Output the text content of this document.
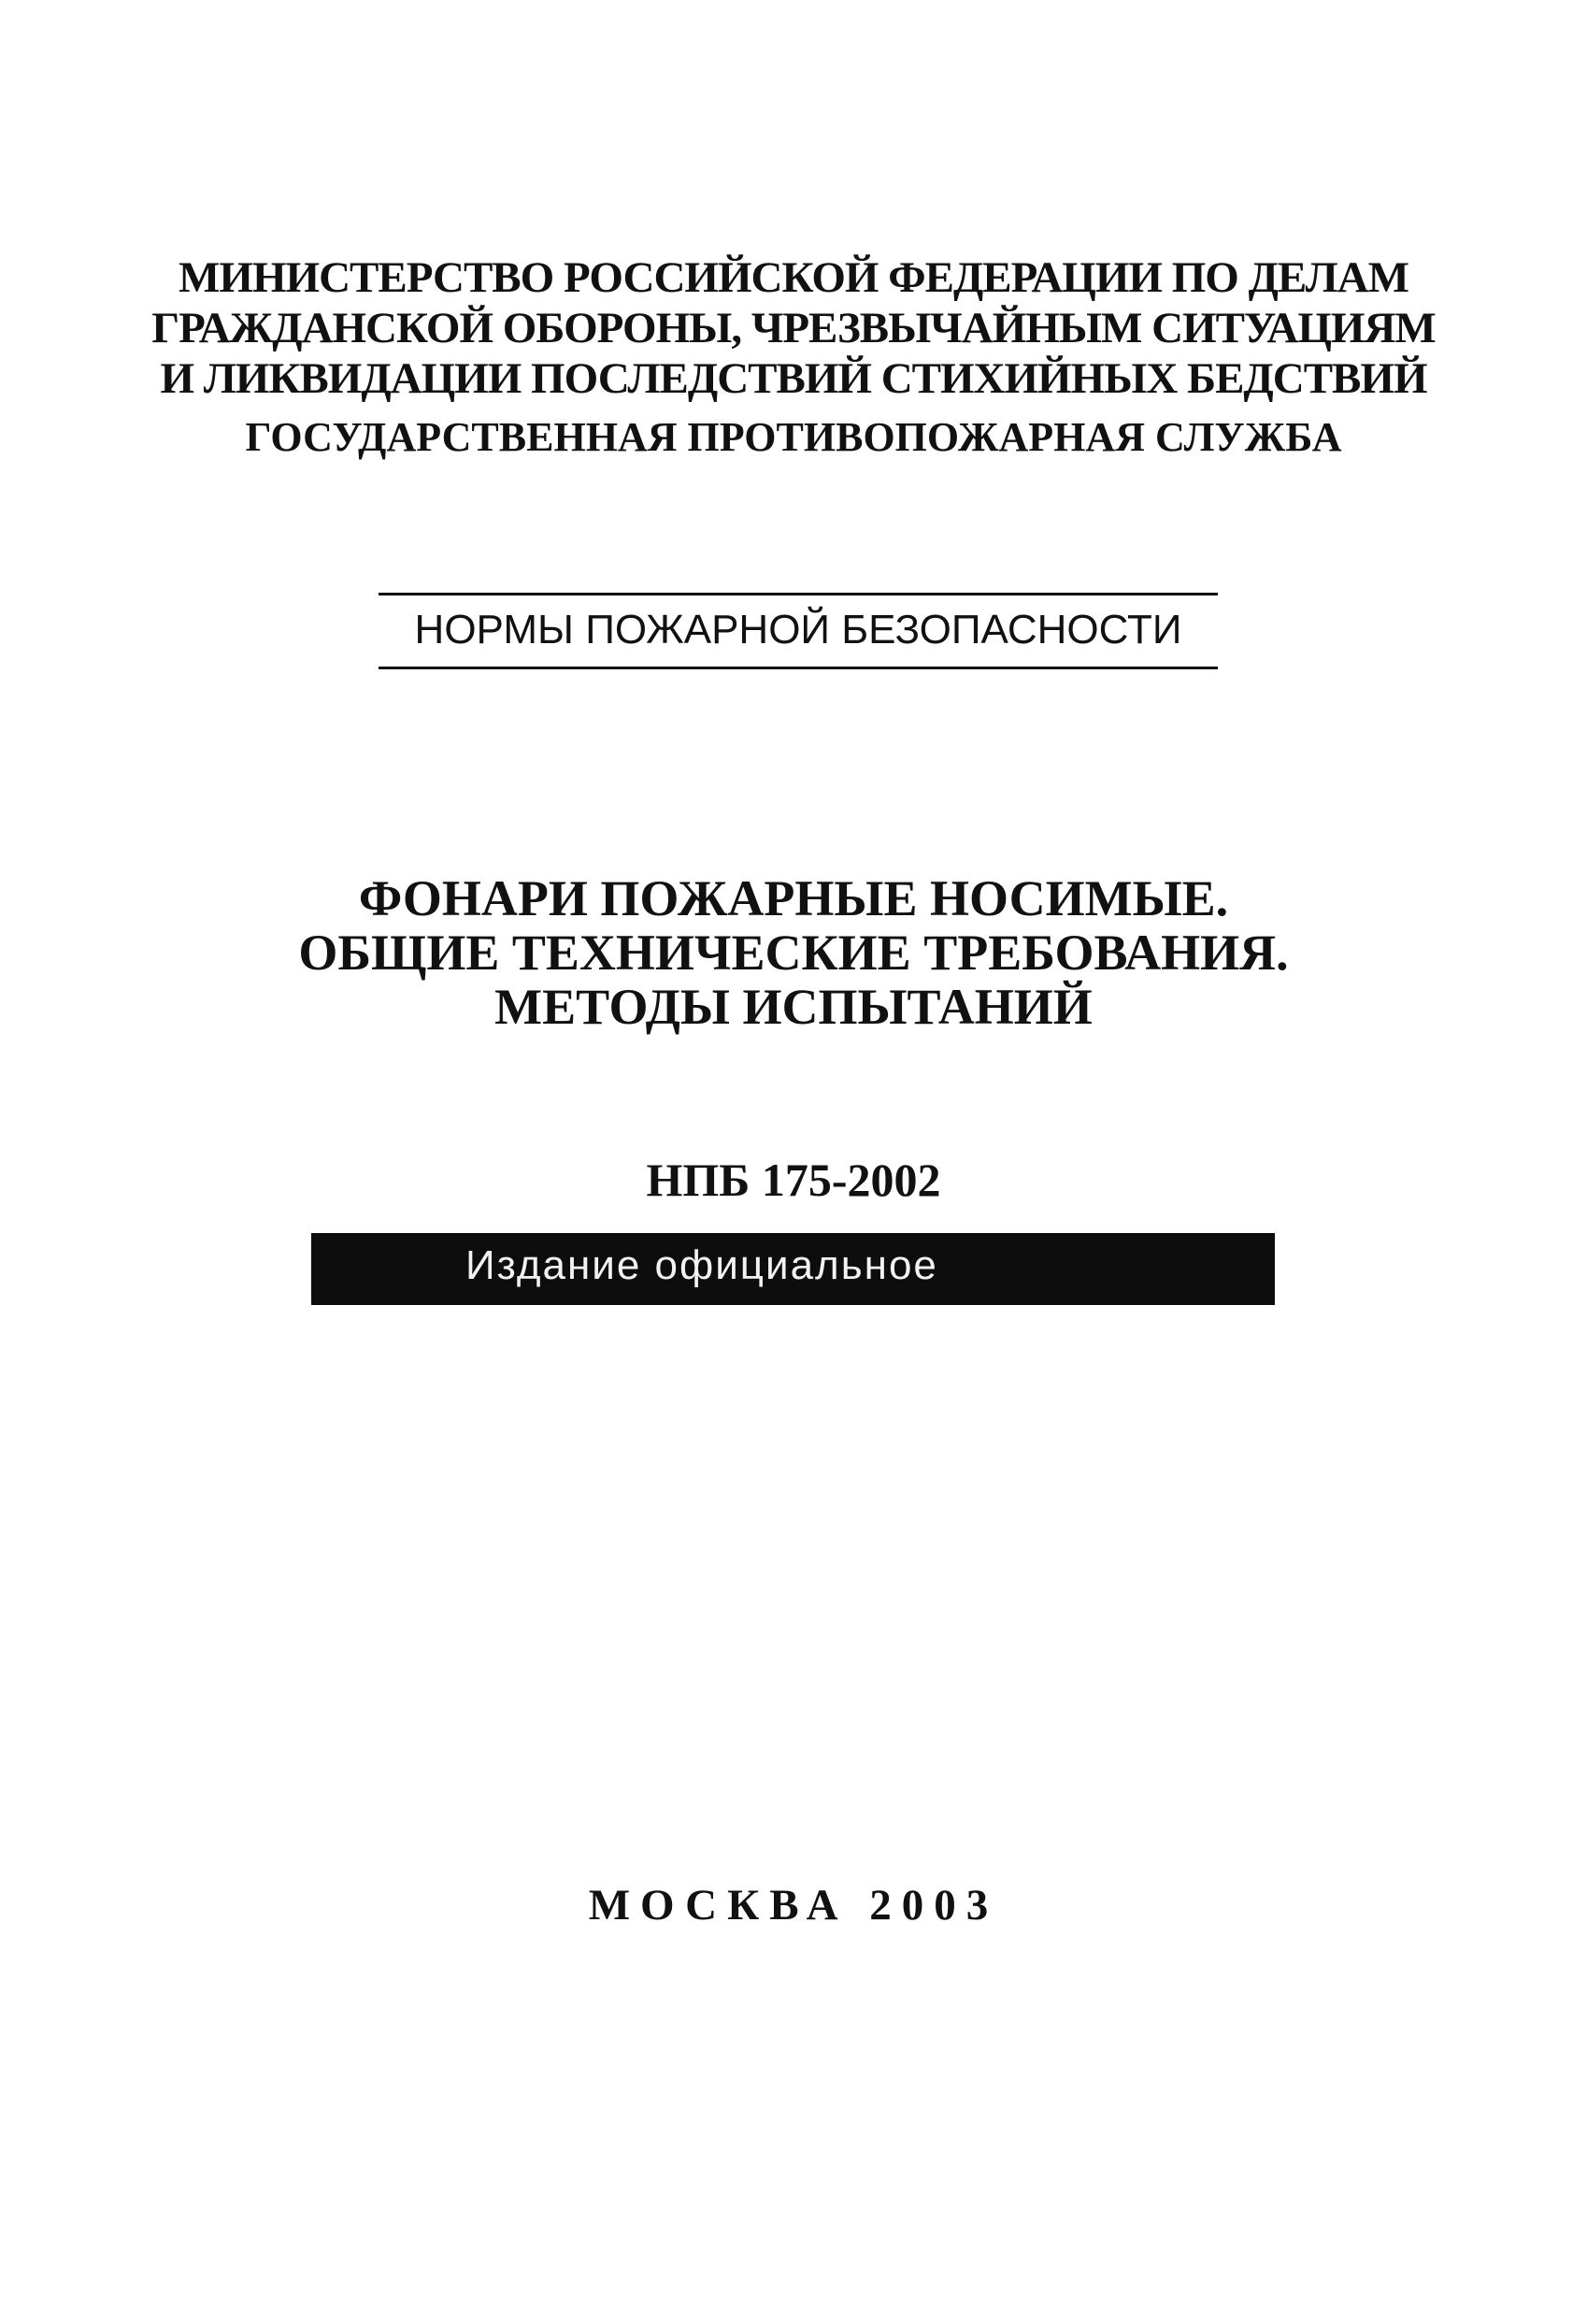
МИНИСТЕРСТВО РОССИЙСКОЙ ФЕДЕРАЦИИ ПО ДЕЛАМ
ГРАЖДАНСКОЙ ОБОРОНЫ, ЧРЕЗВЫЧАЙНЫМ СИТУАЦИЯМ
И ЛИКВИДАЦИИ ПОСЛЕДСТВИЙ СТИХИЙНЫХ БЕДСТВИЙ
ГОСУДАРСТВЕННАЯ ПРОТИВОПОЖАРНАЯ СЛУЖБА
НОРМЫ ПОЖАРНОЙ БЕЗОПАСНОСТИ
ФОНАРИ ПОЖАРНЫЕ НОСИМЫЕ.
ОБЩИЕ ТЕХНИЧЕСКИЕ ТРЕБОВАНИЯ.
МЕТОДЫ ИСПЫТАНИЙ
НПБ 175-2002
Издание официальное
МОСКВА 2003
